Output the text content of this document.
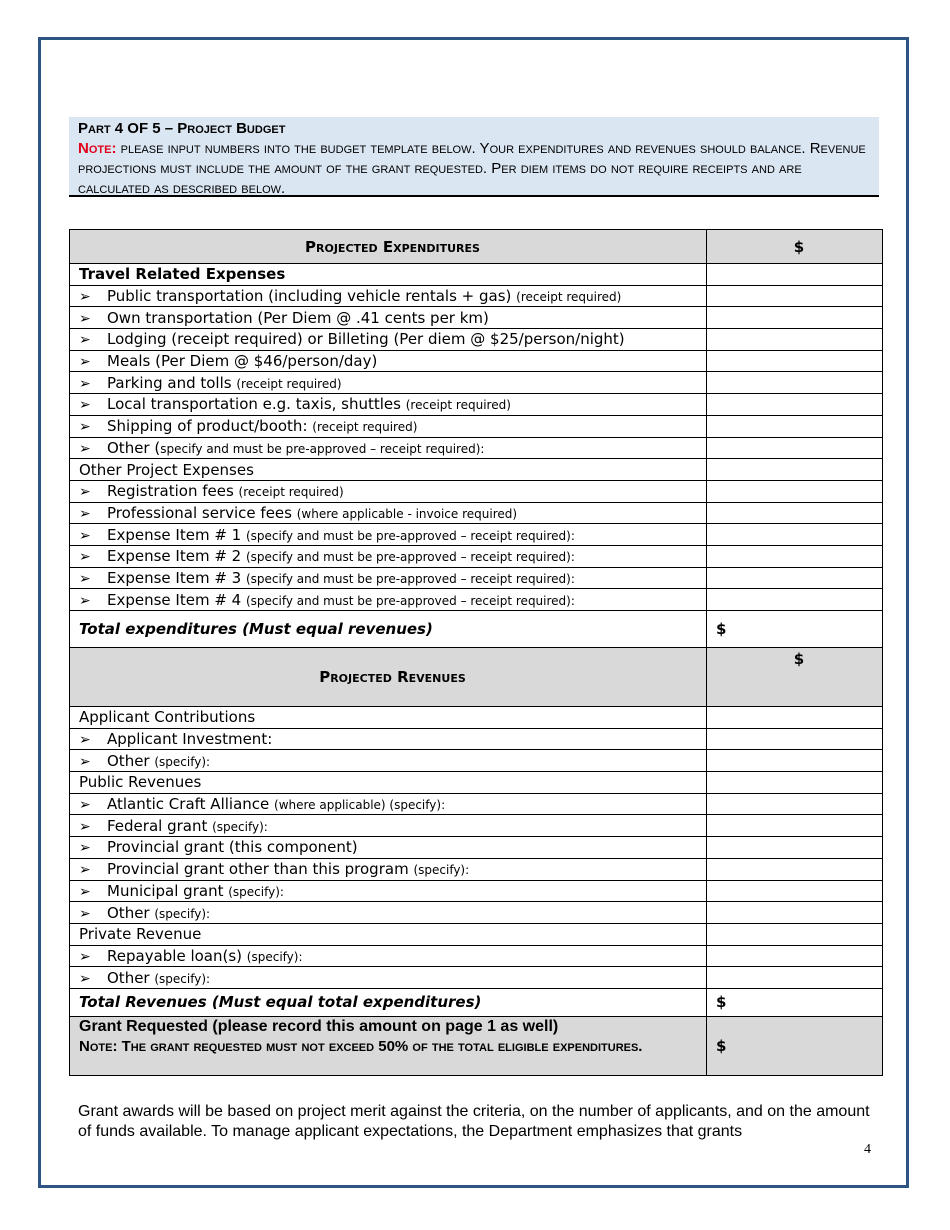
Part 4 OF 5 – Project Budget
Note: please input numbers into the budget template below. Your expenditures and revenues should balance. Revenue projections must include the amount of the grant requested. Per diem items do not require receipts and are calculated as described below.
Projected Expenditures	$
Travel Related Expenses	
➢ Public transportation (including vehicle rentals + gas) (receipt required)	
➢ Own transportation (Per Diem @ .41 cents per km)	
➢ Lodging (receipt required) or Billeting (Per diem @ $25/person/night)	
➢ Meals (Per Diem @ $46/person/day)	
➢ Parking and tolls (receipt required)	
➢ Local transportation e.g. taxis, shuttles (receipt required)	
➢ Shipping of product/booth: (receipt required)	
➢ Other (specify and must be pre-approved – receipt required):	
Other Project Expenses	
➢ Registration fees (receipt required)	
➢ Professional service fees (where applicable - invoice required)	
➢ Expense Item # 1 (specify and must be pre-approved – receipt required):	
➢ Expense Item # 2 (specify and must be pre-approved – receipt required):	
➢ Expense Item # 3 (specify and must be pre-approved – receipt required):	
➢ Expense Item # 4 (specify and must be pre-approved – receipt required):	
Total expenditures (Must equal revenues)	$
Projected Revenues	$
Applicant Contributions	
➢ Applicant Investment:	
➢ Other (specify):	
Public Revenues	
➢ Atlantic Craft Alliance (where applicable) (specify):	
➢ Federal grant (specify):	
➢ Provincial grant (this component)	
➢ Provincial grant other than this program (specify):	
➢ Municipal grant (specify):	
➢ Other (specify):	
Private Revenue	
➢ Repayable loan(s) (specify):	
➢ Other (specify):	
Total Revenues (Must equal total expenditures)	$

Grant Requested (please record this amount on page 1 as well)
Note: The grant requested must not exceed 50% of the total eligible expenditures.	$
Grant awards will be based on project merit against the criteria, on the number of applicants, and on the amount of funds available. To manage applicant expectations, the Department emphasizes that grants
4
